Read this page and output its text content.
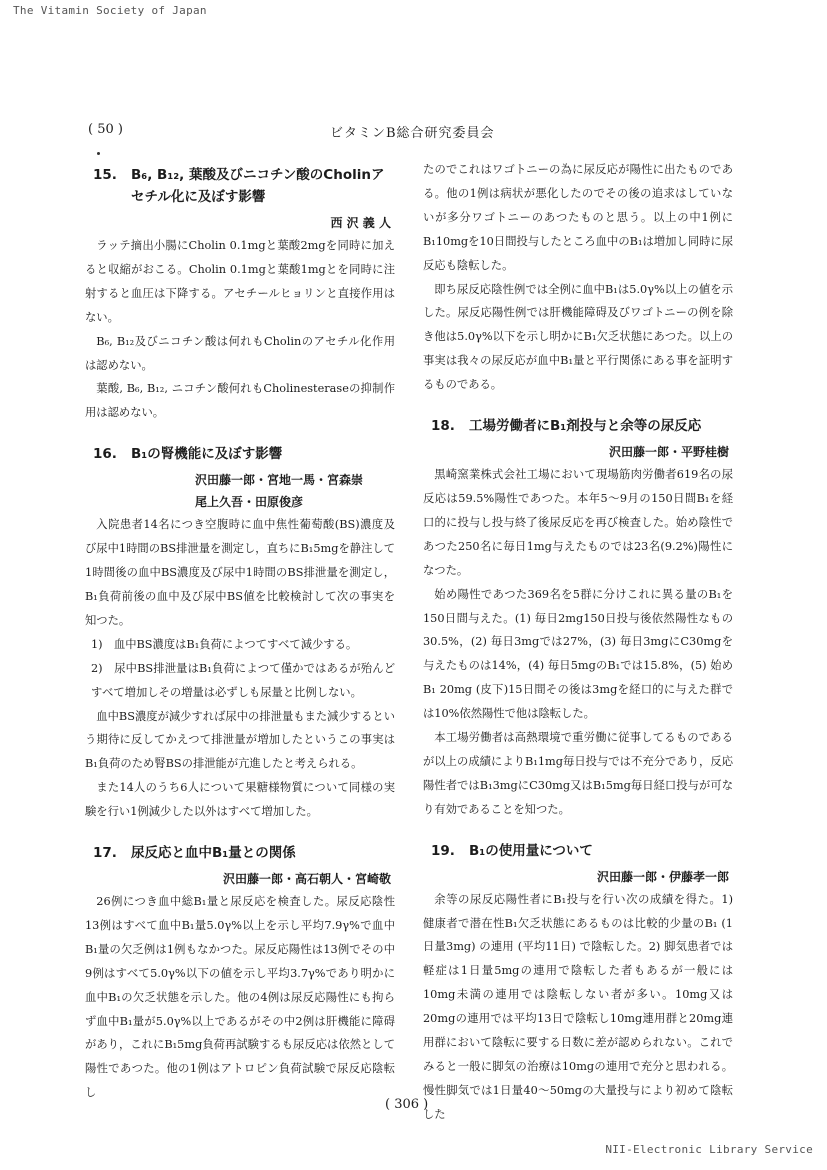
The Vitamin Society of Japan
( 50 )	ビタミンB総合研究委員会
15.	B₆, B₁₂, 葉酸及びニコチン酸のCholinアセチル化に及ぼす影響
西 沢 義 人

ラッテ摘出小腸にCholin 0.1mgと葉酸2mgを同時に加えると収縮がおこる。Cholin 0.1mgと葉酸1mgとを同時に注射すると血圧は下降する。アセチールヒョリンと直接作用はない。

B₆, B₁₂及びニコチン酸は何れもCholinのアセチル化作用は認めない。

葉酸, B₆, B₁₂, ニコチン酸何れもCholinesteraseの抑制作用は認めない。

16.	B₁の腎機能に及ぼす影響
沢田藤一郎・宮地一馬・宮森崇
尾上久吾・田原俊彦

入院患者14名につき空腹時に血中焦性葡萄酸(BS)濃度及び尿中1時間のBS排泄量を測定し，直ちにB₁5mgを静注して1時間後の血中BS濃度及び尿中1時間のBS排泄量を測定し，B₁負荷前後の血中及び尿中BS値を比較検討して次の事実を知つた。

1)　血中BS濃度はB₁負荷によつてすべて減少する。

2)　尿中BS排泄量はB₁負荷によつて僅かではあるが殆んどすべて増加しその増量は必ずしも尿量と比例しない。

血中BS濃度が減少すれば尿中の排泄量もまた減少するという期待に反してかえつて排泄量が増加したというこの事実はB₁負荷のため腎BSの排泄能が亢進したと考えられる。

また14人のうち6人について果糖様物質について同様の実験を行い1例減少した以外はすべて増加した。

17.	尿反応と血中B₁量との関係
沢田藤一郎・高石朝人・宮崎敬

26例につき血中総B₁量と尿反応を検査した。尿反応陰性13例はすべて血中B₁量5.0γ%以上を示し平均7.9γ%で血中B₁量の欠乏例は1例もなかつた。尿反応陽性は13例でその中9例はすべて5.0γ%以下の値を示し平均3.7γ%であり明かに血中B₁の欠乏状態を示した。他の4例は尿反応陽性にも拘らず血中B₁量が5.0γ%以上であるがその中2例は肝機能に障碍があり，これにB₁5mg負荷再試験するも尿反応は依然として陽性であつた。他の1例はアトロピン負荷試験で尿反応陰転し

たのでこれはワゴトニーの為に尿反応が陽性に出たものである。他の1例は病状が悪化したのでその後の追求はしていないが多分ワゴトニーのあつたものと思う。以上の中1例にB₁10mgを10日間投与したところ血中のB₁は増加し同時に尿反応も陰転した。

即ち尿反応陰性例では全例に血中B₁は5.0γ%以上の値を示した。尿反応陽性例では肝機能障碍及びワゴトニーの例を除き他は5.0γ%以下を示し明かにB₁欠乏状態にあつた。以上の事実は我々の尿反応が血中B₁量と平行関係にある事を証明するものである。

18.	工場労働者にB₁剤投与と余等の尿反応
沢田藤一郎・平野桂樹

黒崎窯業株式会社工場において現場筋肉労働者619名の尿反応は59.5%陽性であつた。本年5～9月の150日間B₁を経口的に投与し投与終了後尿反応を再び検査した。始め陰性であつた250名に毎日1mg与えたものでは23名(9.2%)陽性になつた。

始め陽性であつた369名を5群に分けこれに異る量のB₁を150日間与えた。(1) 毎日2mg150日投与後依然陽性なもの30.5%，(2) 毎日3mgでは27%，(3) 毎日3mgにC30mgを与えたものは14%，(4) 毎日5mgのB₁では15.8%，(5) 始めB₁ 20mg (皮下)15日間その後は3mgを経口的に与えた群では10%依然陽性で他は陰転した。

本工場労働者は高熱環境で重労働に従事してるものであるが以上の成績によりB₁1mg毎日投与では不充分であり，反応陽性者ではB₁3mgにC30mg又はB₁5mg毎日経口投与が可なり有効であることを知つた。

19.	B₁の使用量について
沢田藤一郎・伊藤孝一郎

余等の尿反応陽性者にB₁投与を行い次の成績を得た。1) 健康者で潜在性B₁欠乏状態にあるものは比較的少量のB₁ (1日量3mg) の連用 (平均11日) で陰転した。2) 脚気患者では軽症は1日量5mgの連用で陰転した者もあるが一般には10mg未満の連用では陰転しない者が多い。10mg又は20mgの連用では平均13日で陰転し10mg連用群と20mg連用群において陰転に要する日数に差が認められない。これでみると一般に脚気の治療は10mgの連用で充分と思われる。慢性脚気では1日量40～50mgの大量投与により初めて陰転した

( 306 )
NII-Electronic Library Service
